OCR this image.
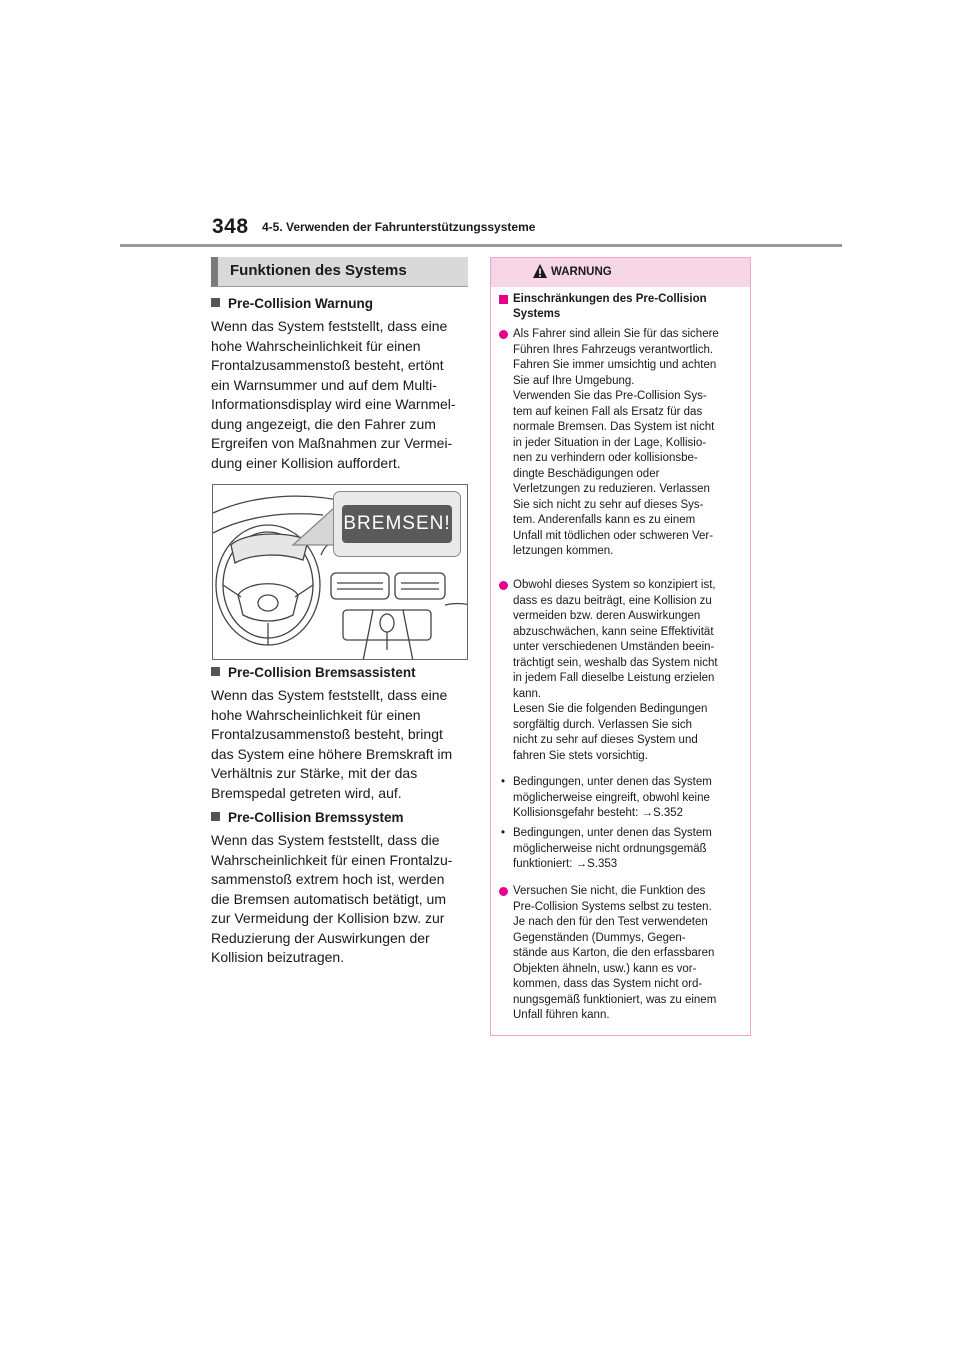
348 4-5. Verwenden der Fahrunterstützungssysteme
Funktionen des Systems
Pre-Collision Warnung
Wenn das System feststellt, dass eine
hohe Wahrscheinlichkeit für einen
Frontalzusammenstoß besteht, ertönt
ein Warnsummer und auf dem Multi-
Informationsdisplay wird eine Warnmel-
dung angezeigt, die den Fahrer zum
Ergreifen von Maßnahmen zur Vermei-
dung einer Kollision auffordert.
BREMSEN!
Pre-Collision Bremsassistent
Wenn das System feststellt, dass eine
hohe Wahrscheinlichkeit für einen
Frontalzusammenstoß besteht, bringt
das System eine höhere Bremskraft im
Verhältnis zur Stärke, mit der das
Bremspedal getreten wird, auf.
Pre-Collision Bremssystem
Wenn das System feststellt, dass die
Wahrscheinlichkeit für einen Frontalzu-
sammenstoß extrem hoch ist, werden
die Bremsen automatisch betätigt, um
zur Vermeidung der Kollision bzw. zur
Reduzierung der Auswirkungen der
Kollision beizutragen.
WARNUNG
Einschränkungen des Pre-Collision
Systems
Als Fahrer sind allein Sie für das sichere
Führen Ihres Fahrzeugs verantwortlich.
Fahren Sie immer umsichtig und achten
Sie auf Ihre Umgebung.
Verwenden Sie das Pre-Collision Sys-
tem auf keinen Fall als Ersatz für das
normale Bremsen. Das System ist nicht
in jeder Situation in der Lage, Kollisio-
nen zu verhindern oder kollisionsbe-
dingte Beschädigungen oder
Verletzungen zu reduzieren. Verlassen
Sie sich nicht zu sehr auf dieses Sys-
tem. Anderenfalls kann es zu einem
Unfall mit tödlichen oder schweren Ver-
letzungen kommen.
Obwohl dieses System so konzipiert ist,
dass es dazu beiträgt, eine Kollision zu
vermeiden bzw. deren Auswirkungen
abzuschwächen, kann seine Effektivität
unter verschiedenen Umständen beein-
trächtigt sein, weshalb das System nicht
in jedem Fall dieselbe Leistung erzielen
kann.
Lesen Sie die folgenden Bedingungen
sorgfältig durch. Verlassen Sie sich
nicht zu sehr auf dieses System und
fahren Sie stets vorsichtig.
• Bedingungen, unter denen das System
möglicherweise eingreift, obwohl keine
Kollisionsgefahr besteht: →S.352
• Bedingungen, unter denen das System
möglicherweise nicht ordnungsgemäß
funktioniert: →S.353
Versuchen Sie nicht, die Funktion des
Pre-Collision Systems selbst zu testen.
Je nach den für den Test verwendeten
Gegenständen (Dummys, Gegen-
stände aus Karton, die den erfassbaren
Objekten ähneln, usw.) kann es vor-
kommen, dass das System nicht ord-
nungsgemäß funktioniert, was zu einem
Unfall führen kann.
